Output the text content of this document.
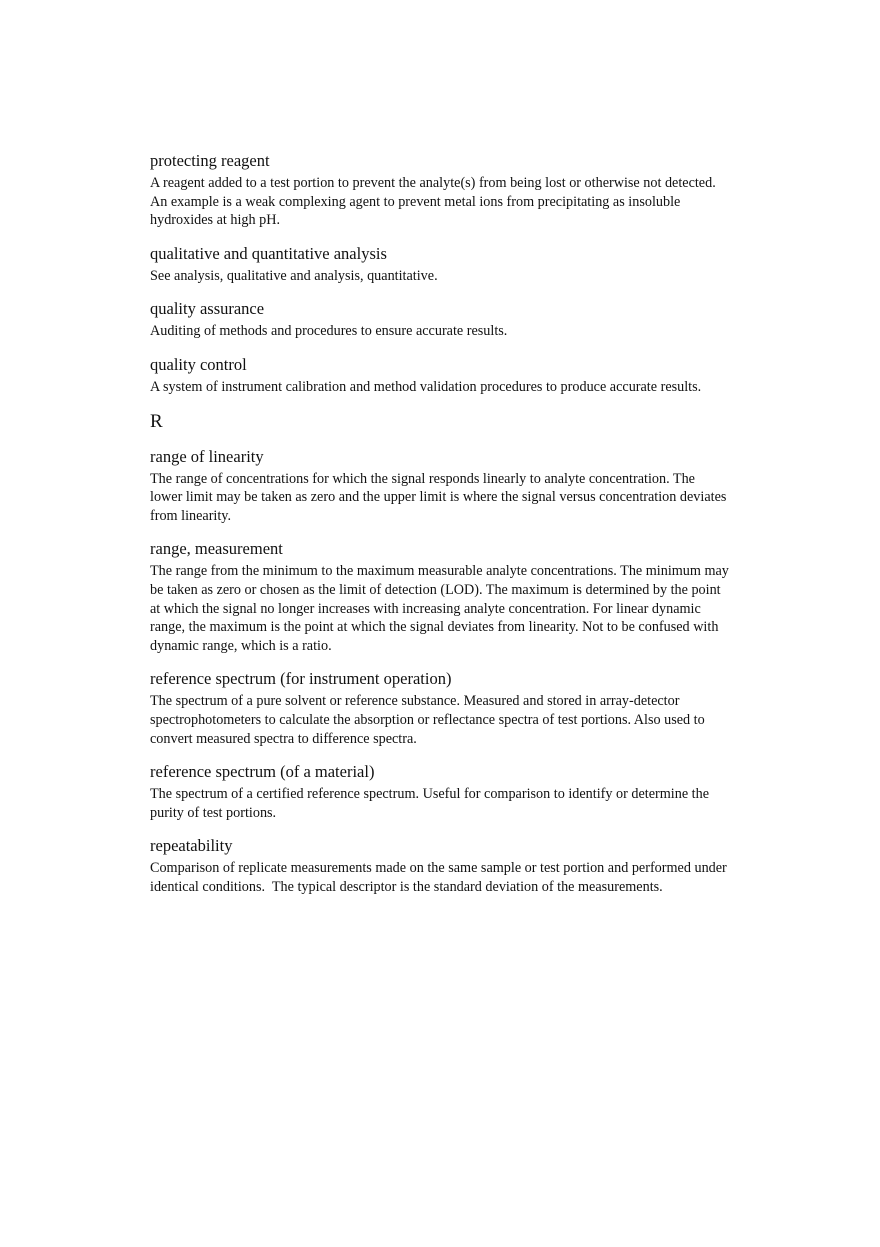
protecting reagent
A reagent added to a test portion to prevent the analyte(s) from being lost or otherwise not detected. An example is a weak complexing agent to prevent metal ions from precipitating as insoluble hydroxides at high pH.
qualitative and quantitative analysis
See analysis, qualitative and analysis, quantitative.
quality assurance
Auditing of methods and procedures to ensure accurate results.
quality control
A system of instrument calibration and method validation procedures to produce accurate results.
R
range of linearity
The range of concentrations for which the signal responds linearly to analyte concentration. The lower limit may be taken as zero and the upper limit is where the signal versus concentration deviates from linearity.
range, measurement
The range from the minimum to the maximum measurable analyte concentrations. The minimum may be taken as zero or chosen as the limit of detection (LOD). The maximum is determined by the point at which the signal no longer increases with increasing analyte concentration. For linear dynamic range, the maximum is the point at which the signal deviates from linearity. Not to be confused with dynamic range, which is a ratio.
reference spectrum (for instrument operation)
The spectrum of a pure solvent or reference substance. Measured and stored in array-detector spectrophotometers to calculate the absorption or reflectance spectra of test portions. Also used to convert measured spectra to difference spectra.
reference spectrum (of a material)
The spectrum of a certified reference spectrum. Useful for comparison to identify or determine the purity of test portions.
repeatability
Comparison of replicate measurements made on the same sample or test portion and performed under identical conditions.  The typical descriptor is the standard deviation of the measurements.
